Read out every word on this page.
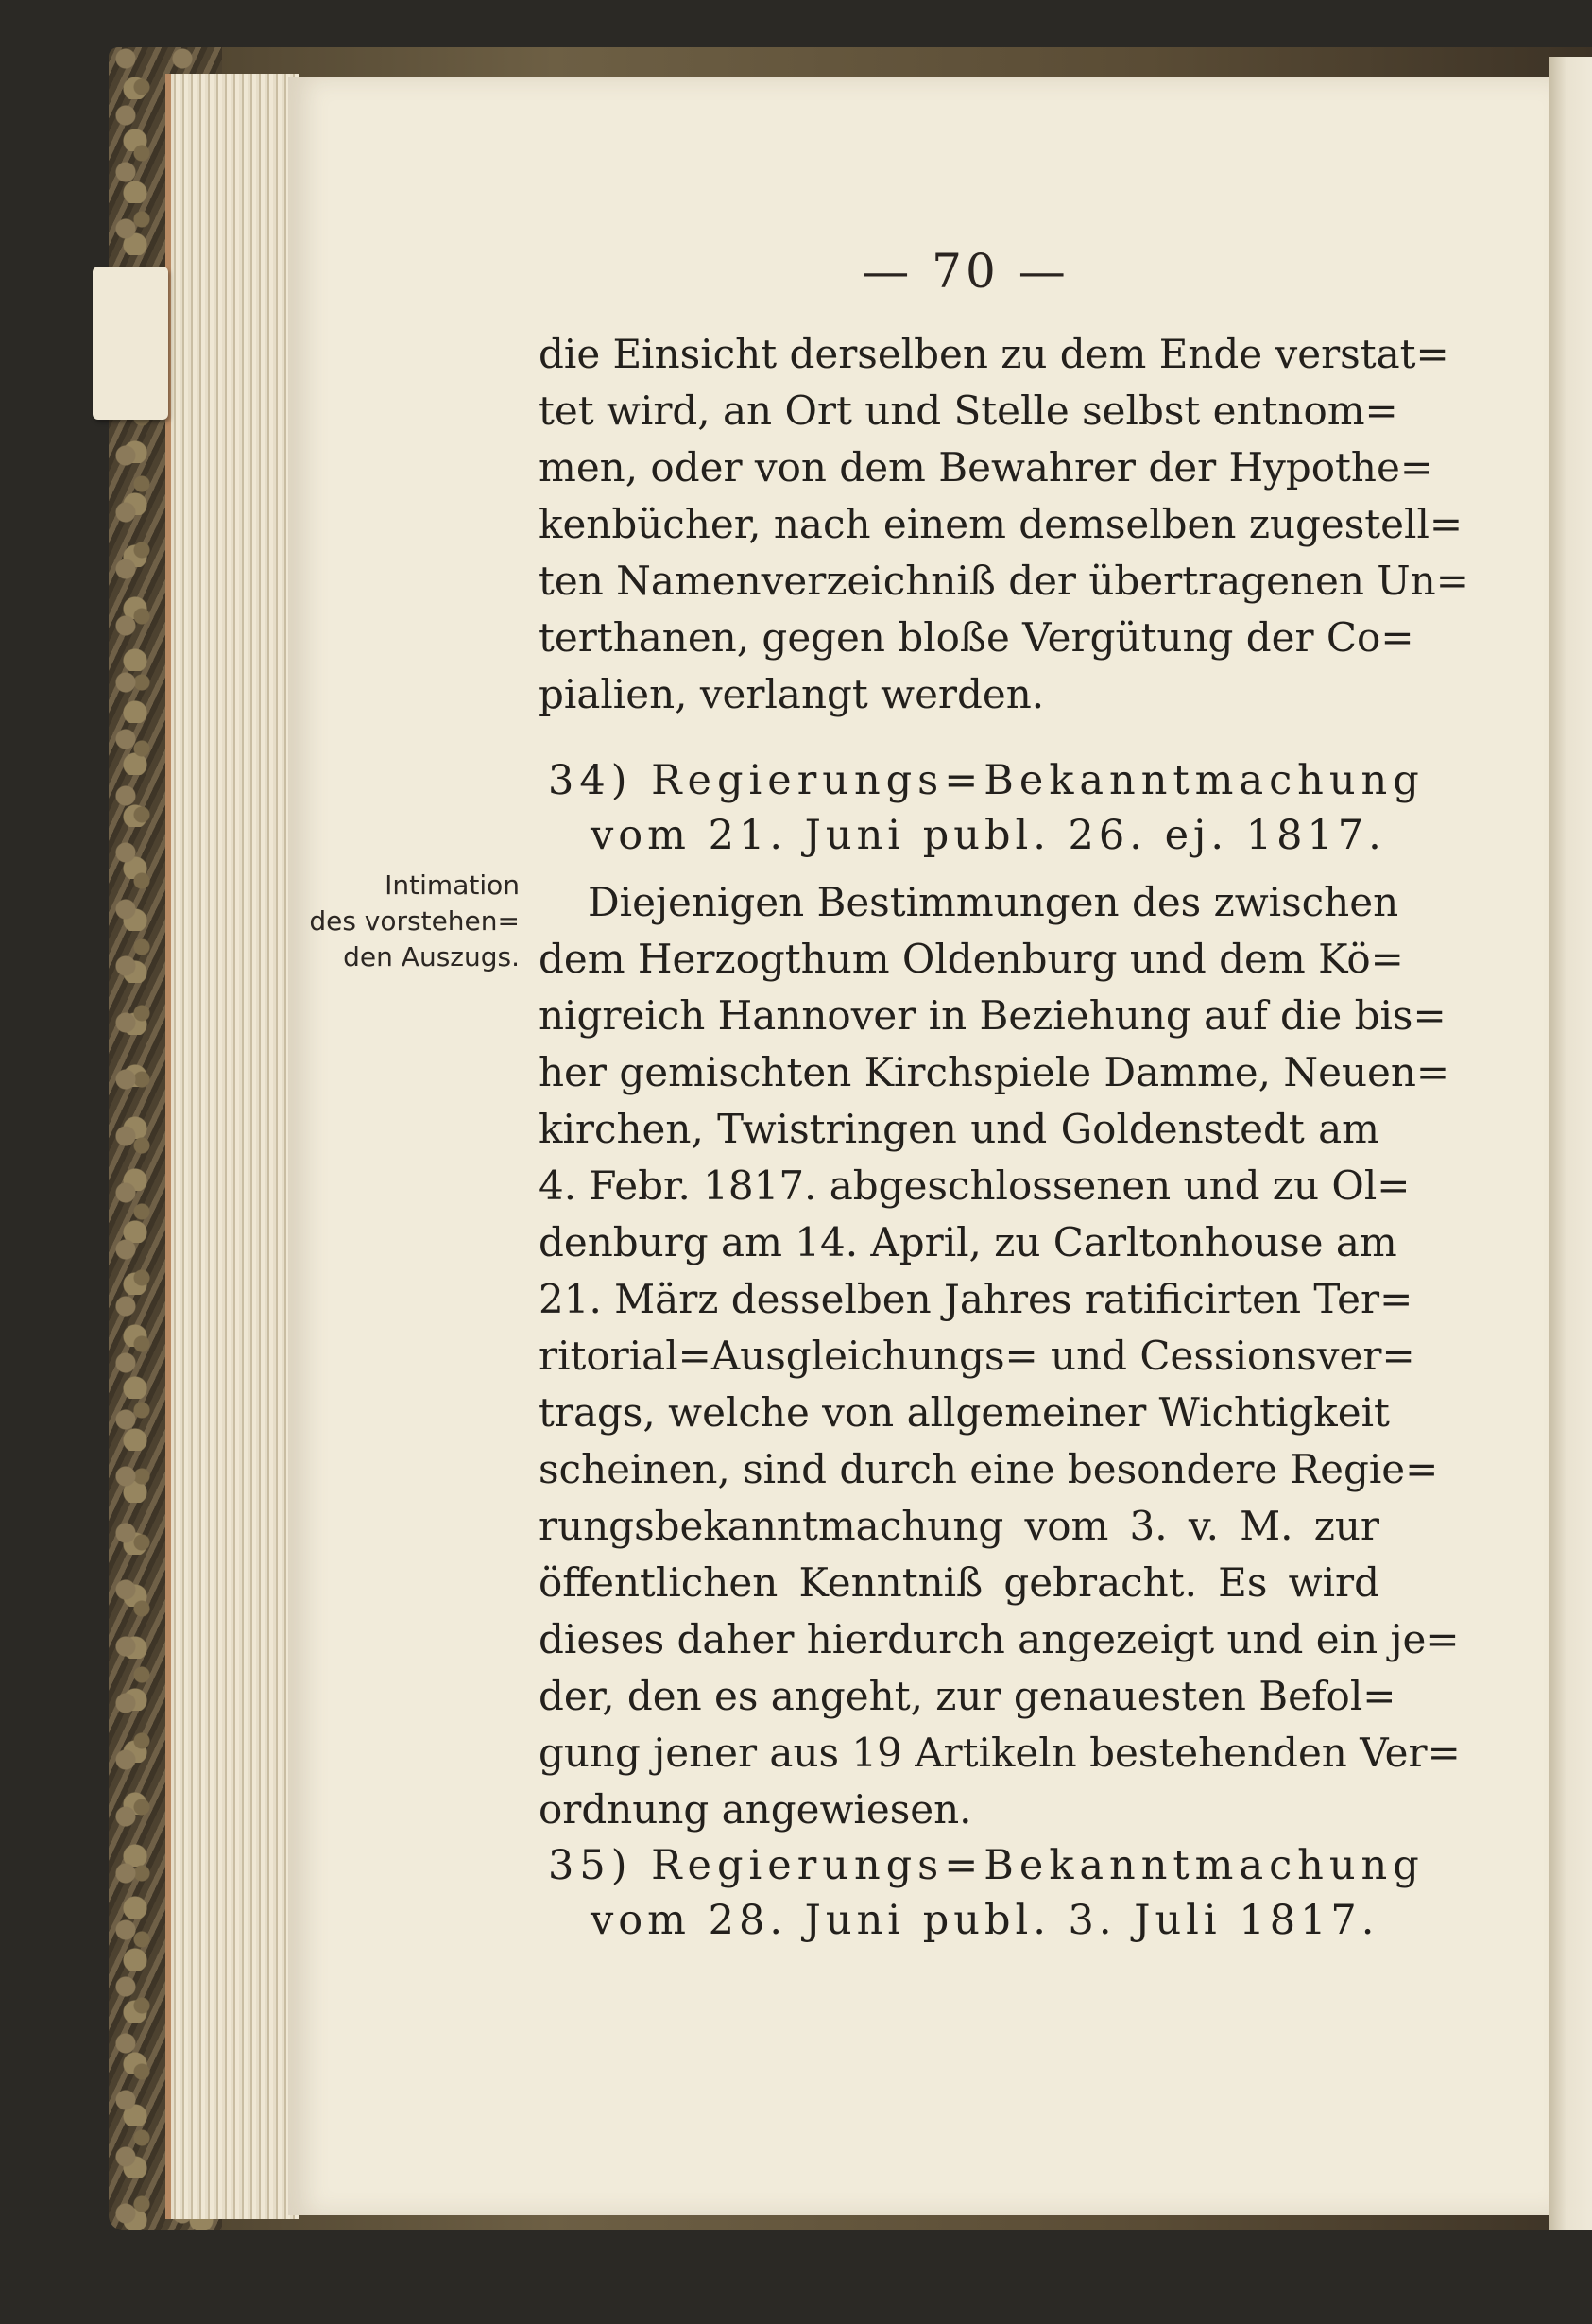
— 70 —
die Einsicht derselben zu dem Ende verstat=
tet wird, an Ort und Stelle selbst entnom=
men, oder von dem Bewahrer der Hypothe=
kenbücher, nach einem demselben zugestell=
ten Namenverzeichniß der übertragenen Un=
terthanen, gegen bloße Vergütung der Co=
pialien, verlangt werden.
34) Regierungs=Bekanntmachung
vom 21. Juni publ. 26. ej. 1817.
Intimation
des vorstehen=
den Auszugs.
Diejenigen Bestimmungen des zwischen
dem Herzogthum Oldenburg und dem Kö=
nigreich Hannover in Beziehung auf die bis=
her gemischten Kirchspiele Damme, Neuen=
kirchen, Twistringen und Goldenstedt am
4. Febr. 1817. abgeschlossenen und zu Ol=
denburg am 14. April, zu Carltonhouse am
21. März desselben Jahres ratificirten Ter=
ritorial=Ausgleichungs= und Cessionsver=
trags, welche von allgemeiner Wichtigkeit
scheinen, sind durch eine besondere Regie=
rungsbekanntmachung vom 3. v. M. zur
öffentlichen Kenntniß gebracht. Es wird
dieses daher hierdurch angezeigt und ein je=
der, den es angeht, zur genauesten Befol=
gung jener aus 19 Artikeln bestehenden Ver=
ordnung angewiesen.
35) Regierungs=Bekanntmachung
vom 28. Juni publ. 3. Juli 1817.
